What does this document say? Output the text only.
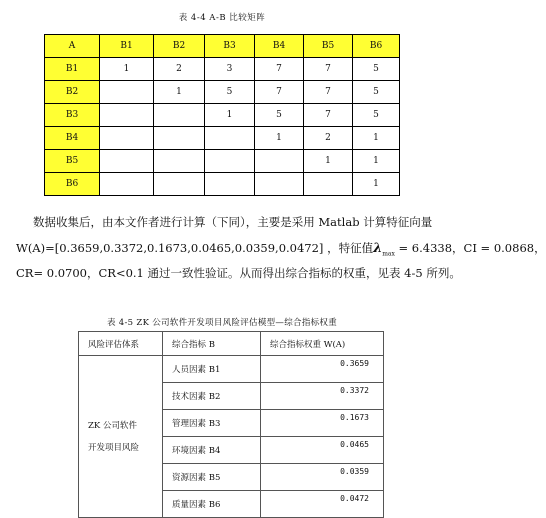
表 4-4 A-B 比较矩阵
A	B1	B2	B3	B4	B5	B6
B1	1	2	3	7	7	5
B2		1	5	7	7	5
B3			1	5	7	5
B4				1	2	1
B5					1	1
B6						1
数据收集后，由本文作者进行计算（下同），主要是采用 Matlab 计算特征向量
W(A)=[0.3659,0.3372,0.1673,0.0465,0.0359,0.0472] ，特征值$\lambda_{max} = 6.4338$，CI = 0.0868，
CR= 0.0700，CR<0.1 通过一致性验证。从而得出综合指标的权重，见表 4-5 所列。
表 4-5 ZK 公司软件开发项目风险评估模型—综合指标权重
风险评估体系	综合指标 B	综合指标权重 W(A)

ZK 公司软件
开发项目风险	人员因素 B1	0.3659
	技术因素 B2	0.3372
	管理因素 B3	0.1673
	环境因素 B4	0.0465
	资源因素 B5	0.0359
	质量因素 B6	0.0472
